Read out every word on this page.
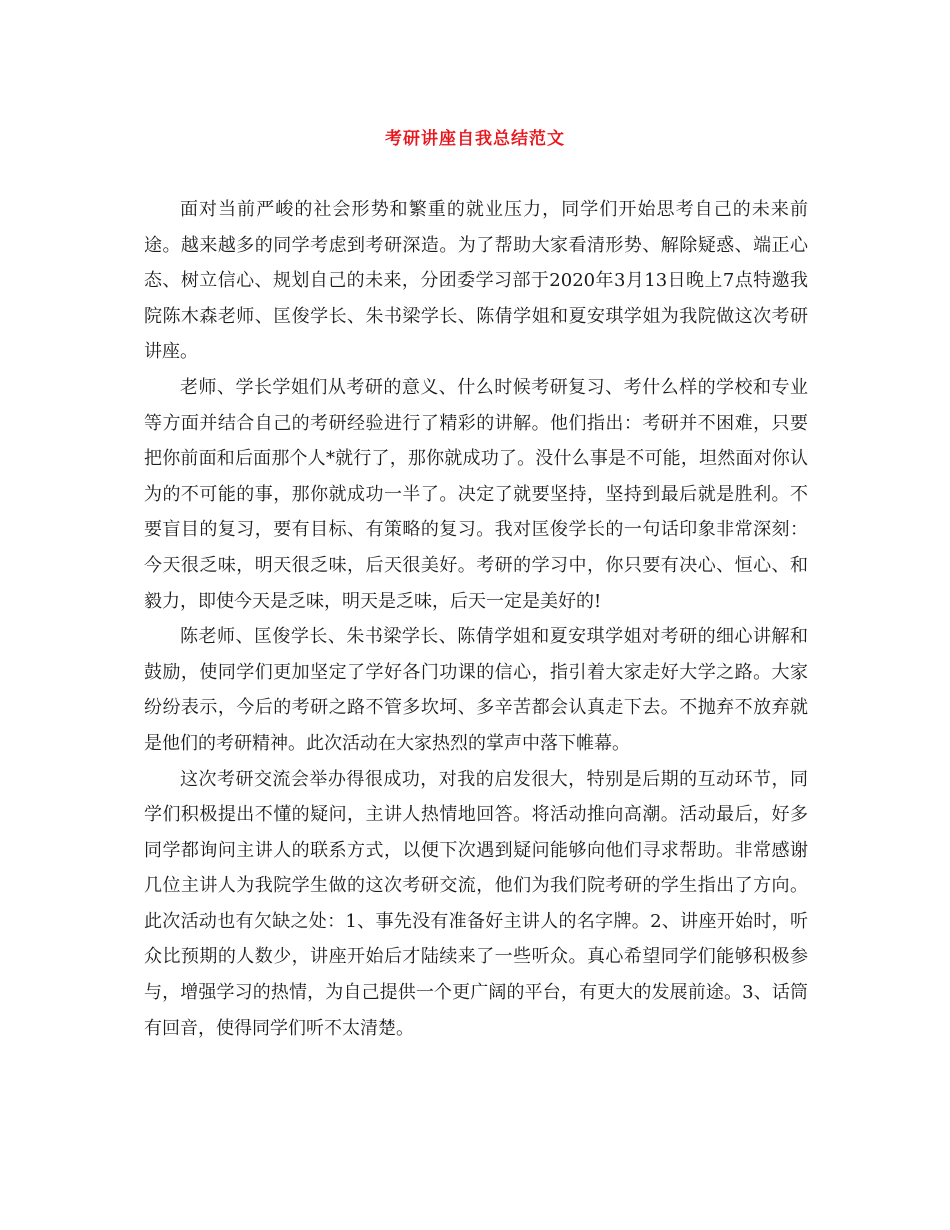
考研讲座自我总结范文

面对当前严峻的社会形势和繁重的就业压力，同学们开始思考自己的未来前途。越来越多的同学考虑到考研深造。为了帮助大家看清形势、解除疑惑、端正心态、树立信心、规划自己的未来，分团委学习部于2020年3月13日晚上7点特邀我院陈木森老师、匡俊学长、朱书梁学长、陈倩学姐和夏安琪学姐为我院做这次考研讲座。

老师、学长学姐们从考研的意义、什么时候考研复习、考什么样的学校和专业等方面并结合自己的考研经验进行了精彩的讲解。他们指出：考研并不困难，只要把你前面和后面那个人*就行了，那你就成功了。没什么事是不可能，坦然面对你认为的不可能的事，那你就成功一半了。决定了就要坚持，坚持到最后就是胜利。不要盲目的复习，要有目标、有策略的复习。我对匡俊学长的一句话印象非常深刻：今天很乏味，明天很乏味，后天很美好。考研的学习中，你只要有决心、恒心、和毅力，即使今天是乏味，明天是乏味，后天一定是美好的!

陈老师、匡俊学长、朱书梁学长、陈倩学姐和夏安琪学姐对考研的细心讲解和鼓励，使同学们更加坚定了学好各门功课的信心，指引着大家走好大学之路。大家纷纷表示，今后的考研之路不管多坎坷、多辛苦都会认真走下去。不抛弃不放弃就是他们的考研精神。此次活动在大家热烈的掌声中落下帷幕。

这次考研交流会举办得很成功，对我的启发很大，特别是后期的互动环节，同学们积极提出不懂的疑问，主讲人热情地回答。将活动推向高潮。活动最后，好多同学都询问主讲人的联系方式，以便下次遇到疑问能够向他们寻求帮助。非常感谢几位主讲人为我院学生做的这次考研交流，他们为我们院考研的学生指出了方向。此次活动也有欠缺之处：1、事先没有准备好主讲人的名字牌。2、讲座开始时，听众比预期的人数少，讲座开始后才陆续来了一些听众。真心希望同学们能够积极参与，增强学习的热情，为自己提供一个更广阔的平台，有更大的发展前途。3、话筒有回音，使得同学们听不太清楚。
